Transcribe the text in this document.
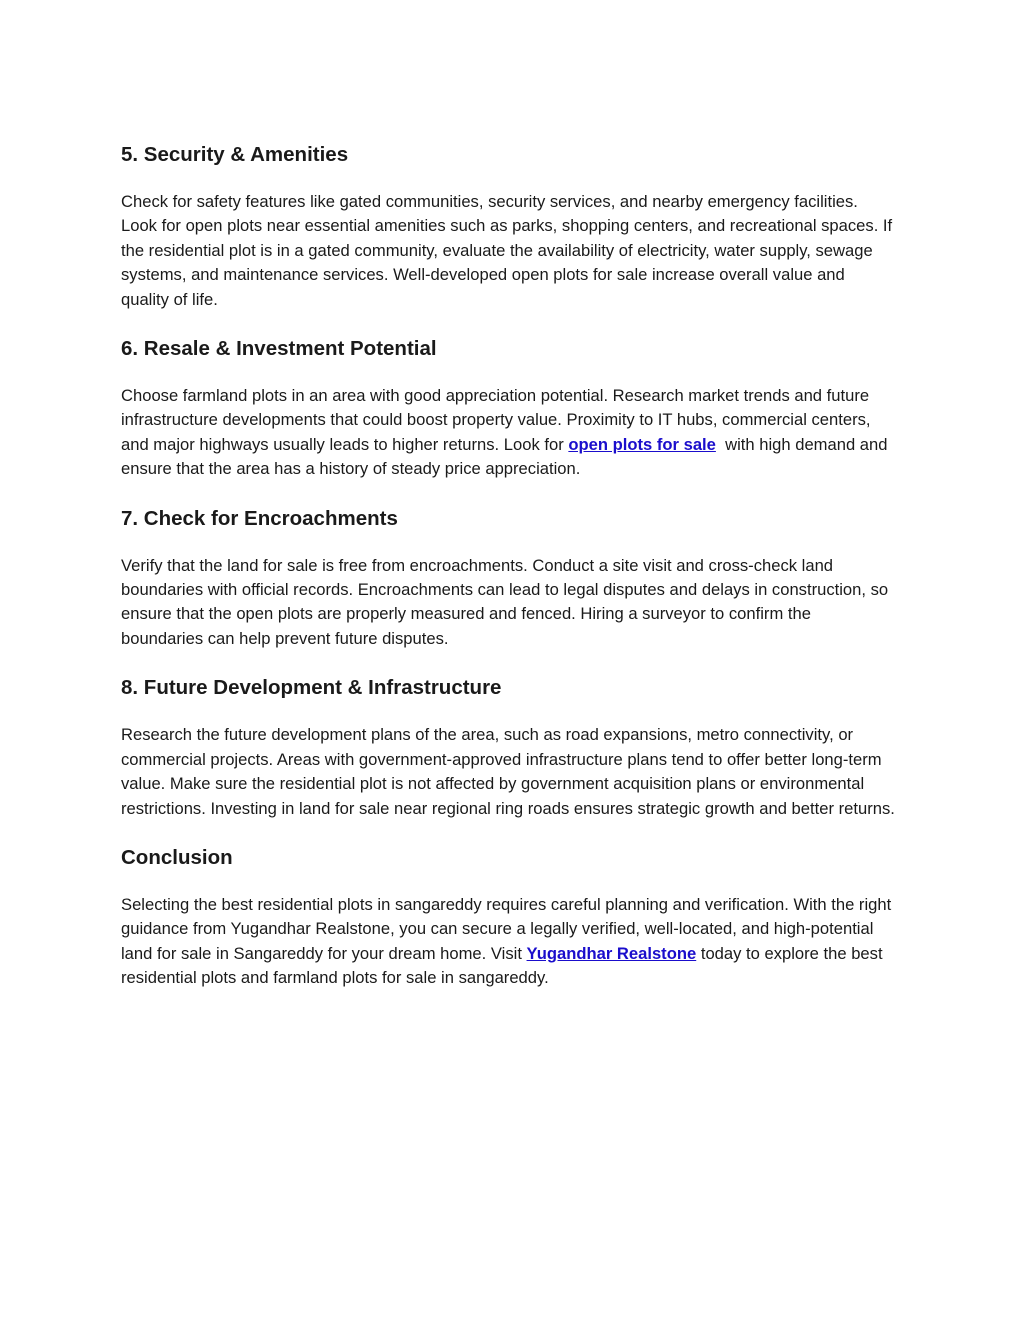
5. Security & Amenities

Check for safety features like gated communities, security services, and nearby emergency facilities. Look for open plots near essential amenities such as parks, shopping centers, and recreational spaces. If the residential plot is in a gated community, evaluate the availability of electricity, water supply, sewage systems, and maintenance services. Well-developed open plots for sale increase overall value and quality of life.

6. Resale & Investment Potential

Choose farmland plots in an area with good appreciation potential. Research market trends and future infrastructure developments that could boost property value. Proximity to IT hubs, commercial centers, and major highways usually leads to higher returns. Look for open plots for sale  with high demand and ensure that the area has a history of steady price appreciation.

7. Check for Encroachments

Verify that the land for sale is free from encroachments. Conduct a site visit and cross-check land boundaries with official records. Encroachments can lead to legal disputes and delays in construction, so ensure that the open plots are properly measured and fenced. Hiring a surveyor to confirm the boundaries can help prevent future disputes.

8. Future Development & Infrastructure

Research the future development plans of the area, such as road expansions, metro connectivity, or commercial projects. Areas with government-approved infrastructure plans tend to offer better long-term value. Make sure the residential plot is not affected by government acquisition plans or environmental restrictions. Investing in land for sale near regional ring roads ensures strategic growth and better returns.

Conclusion

Selecting the best residential plots in sangareddy requires careful planning and verification. With the right guidance from Yugandhar Realstone, you can secure a legally verified, well-located, and high-potential land for sale in Sangareddy for your dream home. Visit Yugandhar Realstone today to explore the best residential plots and farmland plots for sale in sangareddy.
